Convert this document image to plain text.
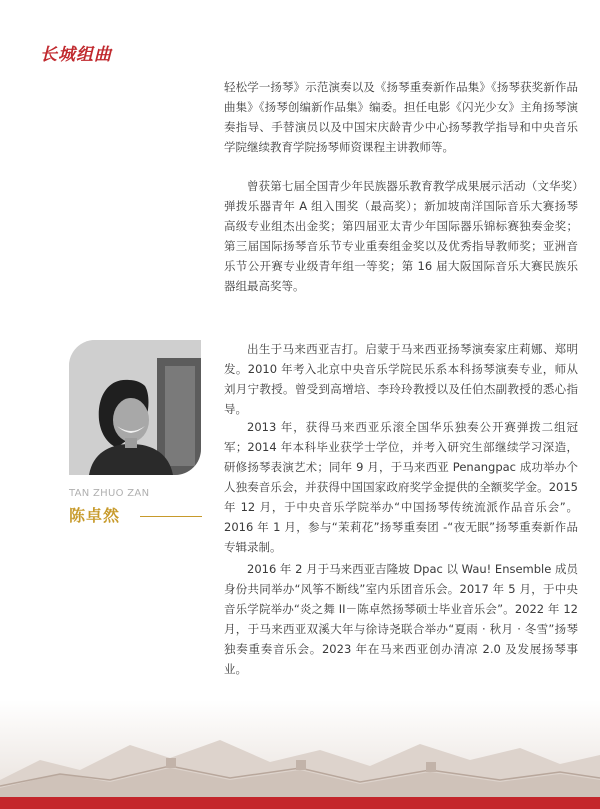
长城组曲

轻松学一扬琴》示范演奏以及《扬琴重奏新作品集》《扬琴获奖新作品曲集》《扬琴创编新作品集》编委。担任电影《闪光少女》主角扬琴演奏指导、手替演员以及中国宋庆龄青少中心扬琴教学指导和中央音乐学院继续教育学院扬琴师资课程主讲教师等。

曾获第七届全国青少年民族器乐教育教学成果展示活动（文华奖）弹拨乐器青年 A 组入围奖（最高奖）；新加坡南洋国际音乐大赛扬琴高级专业组杰出金奖；第四届亚太青少年国际器乐锦标赛独奏金奖；第三届国际扬琴音乐节专业重奏组金奖以及优秀指导教师奖；亚洲音乐节公开赛专业级青年组一等奖；第 16 届大阪国际音乐大赛民族乐器组最高奖等。

TAN ZHUO ZAN
陈卓然

出生于马来西亚吉打。启蒙于马来西亚扬琴演奏家庄莉娜、郑明发。2010 年考入北京中央音乐学院民乐系本科扬琴演奏专业，师从刘月宁教授。曾受到高增培、李玲玲教授以及任伯杰副教授的悉心指导。

2013 年，获得马来西亚乐滚全国华乐独奏公开赛弹拨二组冠军；2014 年本科毕业获学士学位，并考入研究生部继续学习深造，研修扬琴表演艺术；同年 9 月，于马来西亚 Penangpac 成功举办个人独奏音乐会，并获得中国国家政府奖学金提供的全额奖学金。2015 年 12 月，于中央音乐学院举办“中国扬琴传统流派作品音乐会”。2016 年 1 月，参与“茉莉花”扬琴重奏团 -“夜无眠”扬琴重奏新作品专辑录制。

2016 年 2 月于马来西亚吉隆坡 Dpac 以 Wau! Ensemble 成员身份共同举办“风筝不断线”室内乐团音乐会。2017 年 5 月，于中央音乐学院举办“炎之舞 II－陈卓然扬琴硕士毕业音乐会”。2022 年 12 月，于马来西亚双溪大年与徐诗尧联合举办“夏雨 · 秋月 · 冬雪”扬琴独奏重奏音乐会。2023 年在马来西亚创办清凉 2.0 及发展扬琴事业。
